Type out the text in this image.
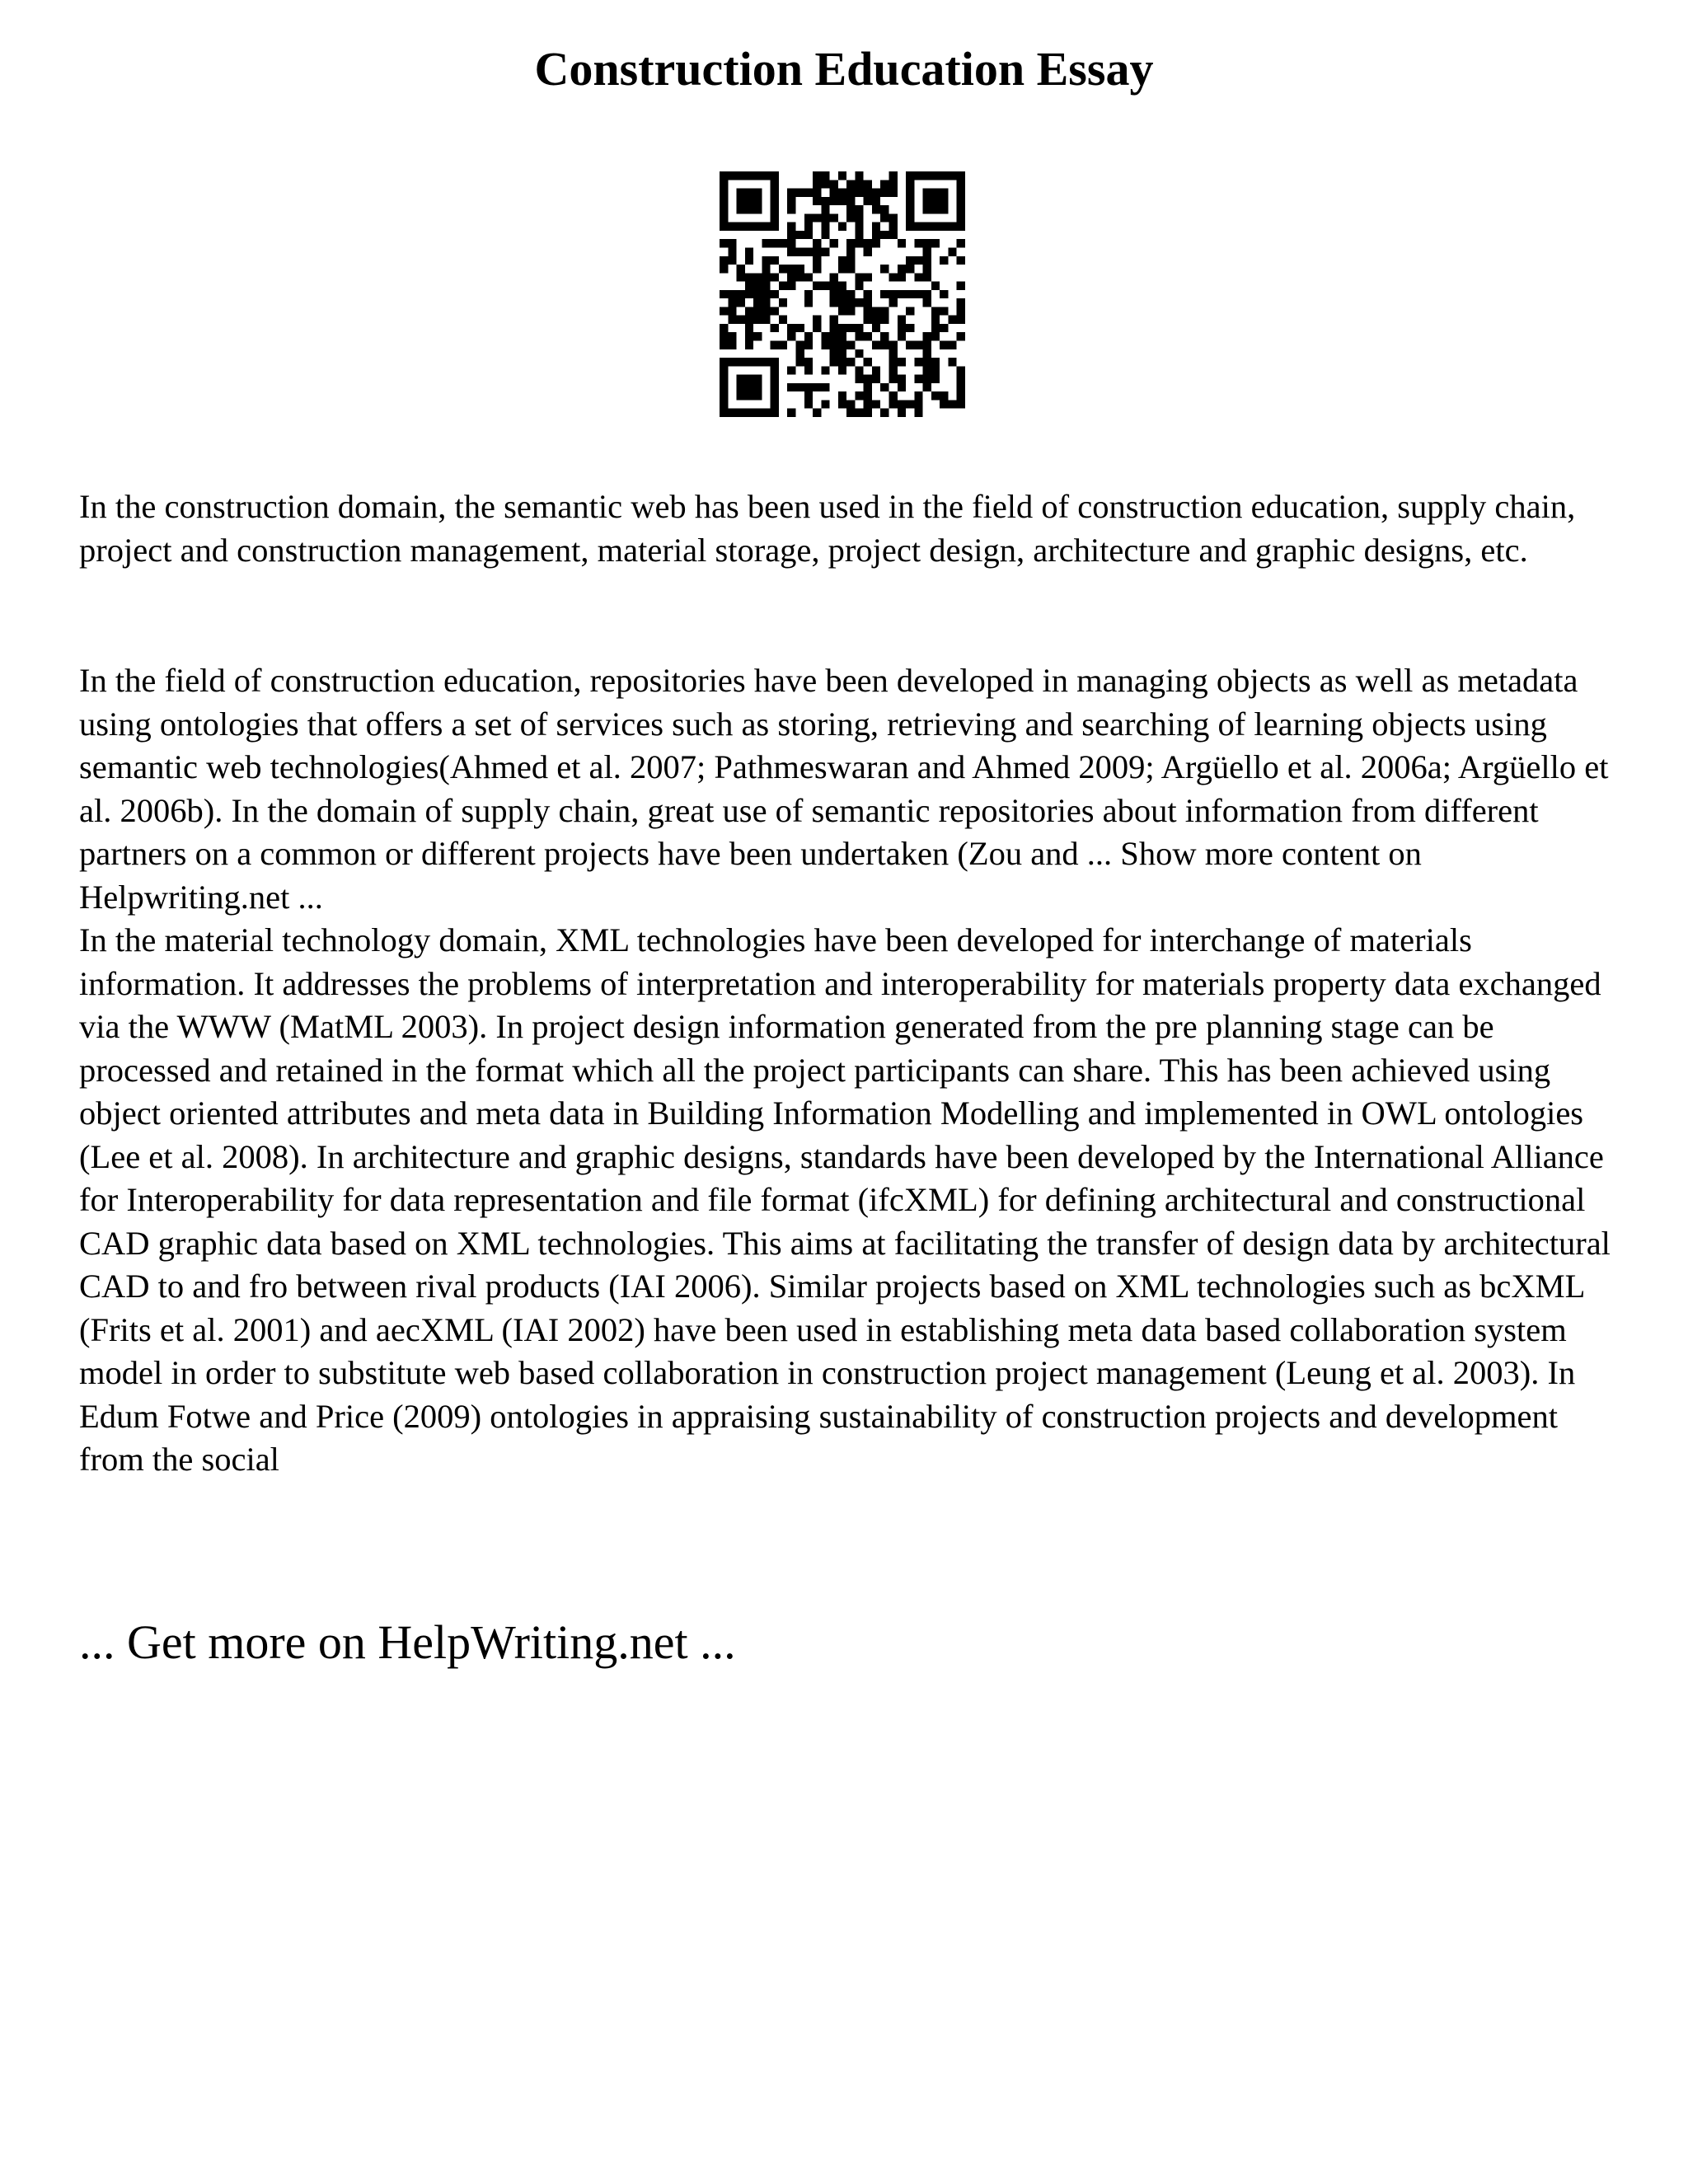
Construction Education Essay

In the construction domain, the semantic web has been used in the field of construction education, supply chain, project and construction management, material storage, project design, architecture and graphic designs, etc.

In the field of construction education, repositories have been developed in managing objects as well as metadata using ontologies that offers a set of services such as storing, retrieving and searching of learning objects using semantic web technologies(Ahmed et al. 2007; Pathmeswaran and Ahmed 2009; Argüello et al. 2006a; Argüello et al. 2006b). In the domain of supply chain, great use of semantic repositories about information from different partners on a common or different projects have been undertaken (Zou and ... Show more content on Helpwriting.net ...
In the material technology domain, XML technologies have been developed for interchange of materials information. It addresses the problems of interpretation and interoperability for materials property data exchanged via the WWW (MatML 2003). In project design information generated from the pre planning stage can be processed and retained in the format which all the project participants can share. This has been achieved using object oriented attributes and meta data in Building Information Modelling and implemented in OWL ontologies (Lee et al. 2008). In architecture and graphic designs, standards have been developed by the International Alliance for Interoperability for data representation and file format (ifcXML) for defining architectural and constructional CAD graphic data based on XML technologies. This aims at facilitating the transfer of design data by architectural CAD to and fro between rival products (IAI 2006). Similar projects based on XML technologies such as bcXML (Frits et al. 2001) and aecXML (IAI 2002) have been used in establishing meta data based collaboration system model in order to substitute web based collaboration in construction project management (Leung et al. 2003). In Edum Fotwe and Price (2009) ontologies in appraising sustainability of construction projects and development from the social

... Get more on HelpWriting.net ...
